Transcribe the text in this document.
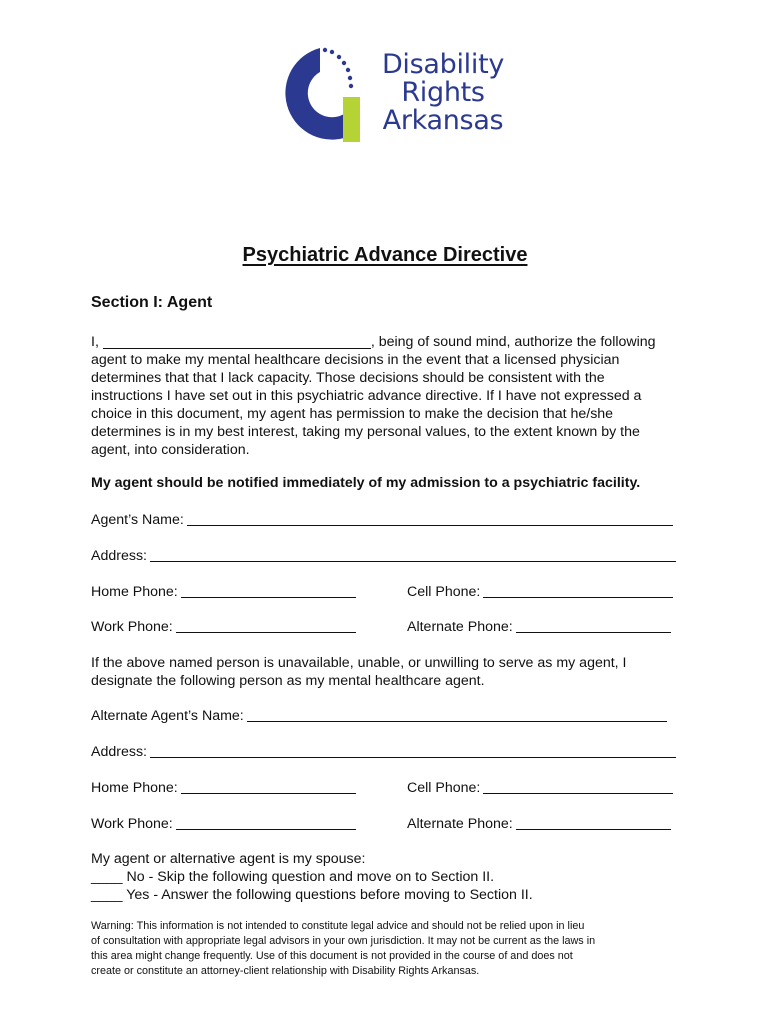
Disability
Rights
Arkansas
Psychiatric Advance Directive
Section I: Agent

I,	, being of sound mind, authorize the following

agent to make my mental healthcare decisions in the event that a licensed physician

determines that that I lack capacity. Those decisions should be consistent with the

instructions I have set out in this psychiatric advance directive. If I have not expressed a

choice in this document, my agent has permission to make the decision that he/she

determines is in my best interest, taking my personal values, to the extent known by the

agent, into consideration.

My agent should be notified immediately of my admission to a psychiatric facility.
Agent’s Name:
Address:
Home Phone:	Cell Phone:
Work Phone:	Alternate Phone:

If the above named person is unavailable, unable, or unwilling to serve as my agent, I

designate the following person as my mental healthcare agent.

Alternate Agent’s Name:
Address:
Home Phone:	Cell Phone:
Work Phone:	Alternate Phone:

My agent or alternative agent is my spouse:

____ No - Skip the following question and move on to Section II.

____ Yes - Answer the following questions before moving to Section II.

Warning: This information is not intended to constitute legal advice and should not be relied upon in lieu

of consultation with appropriate legal advisors in your own jurisdiction. It may not be current as the laws in

this area might change frequently. Use of this document is not provided in the course of and does not

create or constitute an attorney-client relationship with Disability Rights Arkansas.
